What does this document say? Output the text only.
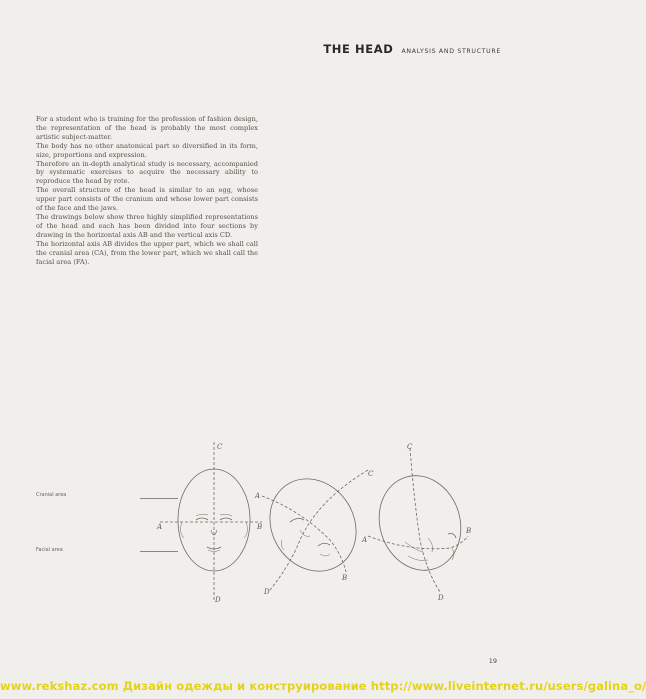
THE HEAD ANALYSIS AND STRUCTURE

For a student who is training for the profession of fashion design, the representation of the head is probably the most complex artistic subject-matter.

The body has no other anatomical part so diversified in its form, size, proportions and expression.

Therefore an in-depth analytical study is necessary, accompanied by systematic exercises to acquire the necessary ability to reproduce the head by rote.

The overall structure of the head is similar to an egg, whose upper part consists of the cranium and whose lower part consists of the face and the jaws.

The drawings below show three highly simplified representations of the head and each has been divided into four sections by drawing in the horizontal axis AB and the vertical axis CD.

The horizontal axis AB divides the upper part, which we shall call the cranial area (CA), from the lower part, which we shall call the facial area (FA).

Cranial area
Facial area
C
D
A	B
A
B
C
D
C
D
A
B
19
www.rekshaz.com Дизайн одежды и конструирование http://www.liveinternet.ru/users/galina_o/
